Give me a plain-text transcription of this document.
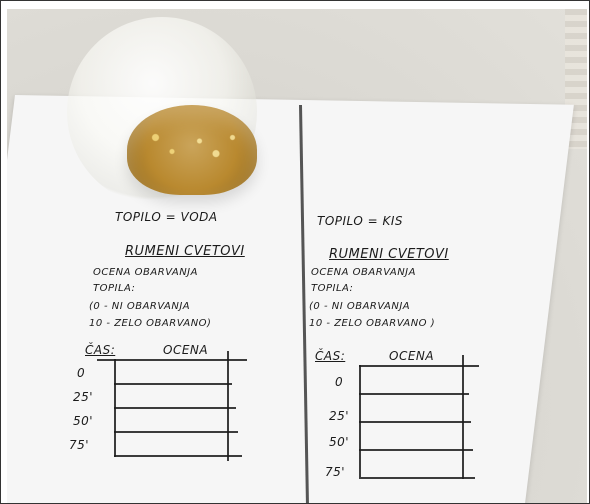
TOPILO = VODA
RUMENI CVETOVI
OCENA OBARVANJA
TOPILA:
(0 - NI OBARVANJA
10 - ZELO OBARVANO)
ČAS:	OCENA
0
25'
50'
75'
TOPILO = KIS
RUMENI CVETOVI
OCENA OBARVANJA
TOPILA:
(0 - NI OBARVANJA
10 - ZELO OBARVANO )
ČAS:	OCENA
0
25'
50'
75'
